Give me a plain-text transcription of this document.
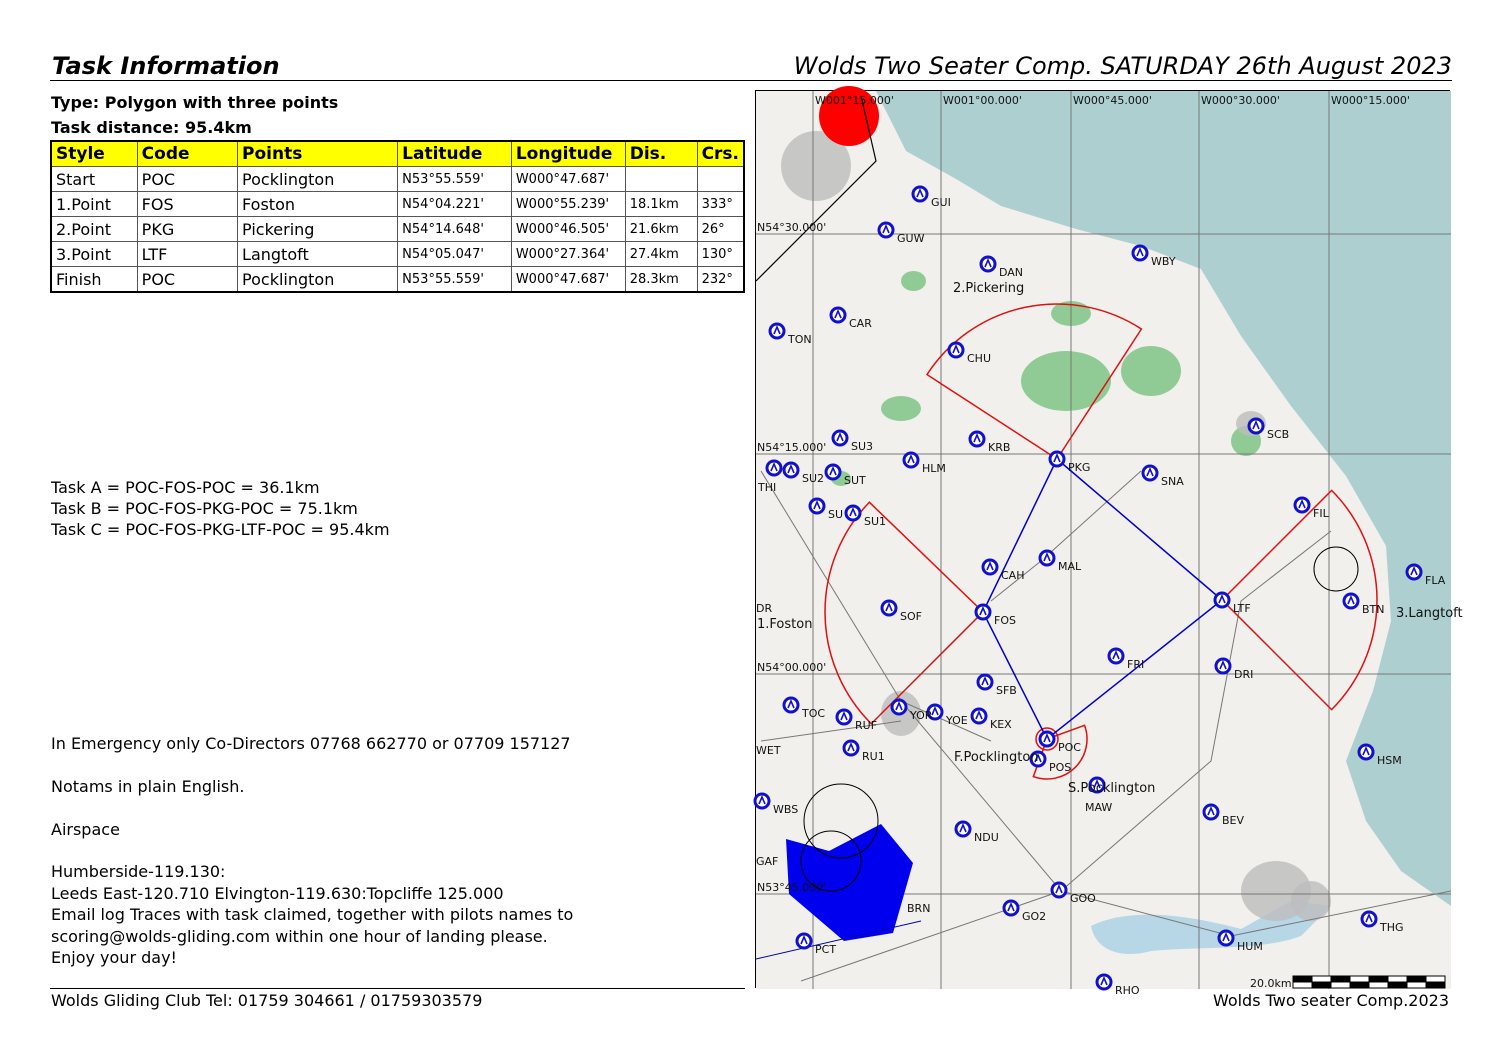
Task Information	Wolds Two Seater Comp. SATURDAY 26th August 2023
Type: Polygon with three points
Task distance: 95.4km
Style	Code	Points	Latitude	Longitude	Dis.	Crs.
Start	POC	Pocklington	N53°55.559'	W000°47.687'		
1.Point	FOS	Foston	N54°04.221'	W000°55.239'	18.1km	333°
2.Point	PKG	Pickering	N54°14.648'	W000°46.505'	21.6km	26°
3.Point	LTF	Langtoft	N54°05.047'	W000°27.364'	27.4km	130°
Finish	POC	Pocklington	N53°55.559'	W000°47.687'	28.3km	232°
Task A = POC-FOS-POC = 36.1km
Task B = POC-FOS-PKG-POC = 75.1km
Task C = POC-FOS-PKG-LTF-POC = 95.4km
In Emergency only Co-Directors 07768 662770 or 07709 157127
Notams in plain English.
Airspace
Humberside-119.130:
Leeds East-120.710 Elvington-119.630:Topcliffe 125.000
Email log Traces with task claimed, together with pilots names to
scoring@wolds-gliding.com within one hour of landing please.
Enjoy your day!
Wolds Gliding Club Tel: 01759 304661 / 01759303579	Wolds Two seater Comp.2023
GUI
GUW
DAN
WBY
TON
CAR
CHU
SCB
SU3	KRB
PKG
HLM
THI
SU2 SUT	SNA
SU
SU1
FIL
CAH
MAL
FLA
SOF	FOS
BTN
LTF
FRI
DRI
SFB
TOC
RUF
YOR YOE KEX
POC
POS
RU1	HSM
MAW
WBS
BEV
NDU
GOO
GO2
PCT	HUM
THG
RHO
BRN
GAF
WET
DR
2.Pickering
1.Foston
3.Langtoft
F.Pocklington
S.Pocklington
20.0km
W001°15.000'	W001°00.000'	W000°45.000'	W000°30.000'	W000°15.000'
N54°30.000'
N54°15.000'
N54°00.000'
N53°45.000'
